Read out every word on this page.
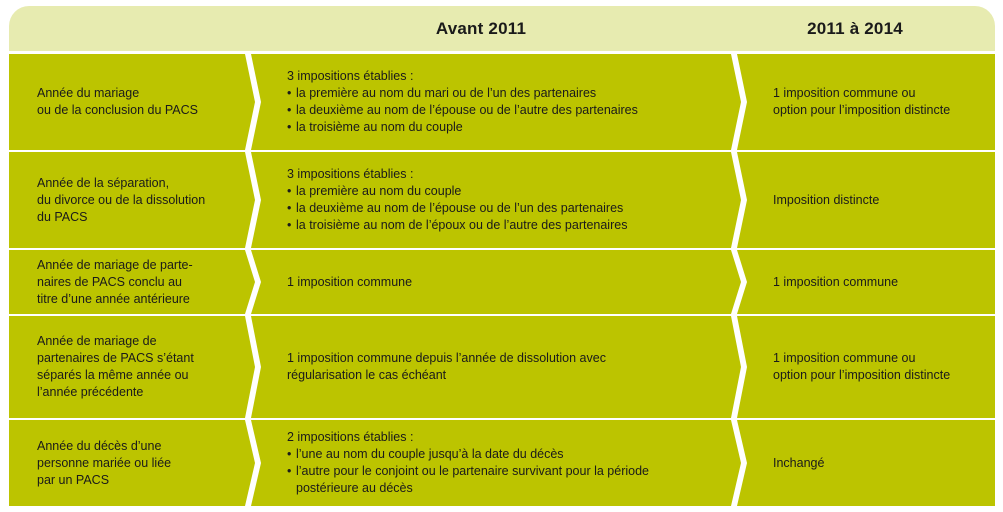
Avant 2011	2011 à 2014
Année du mariage
ou de la conclusion du PACS
3 impositions établies :
• la première au nom du mari ou de l’un des partenaires
• la deuxième au nom de l’épouse ou de l’autre des partenaires
• la troisième au nom du couple
1 imposition commune ou
option pour l’imposition distincte
Année de la séparation,
du divorce ou de la dissolution
du PACS
3 impositions établies :
• la première au nom du couple
• la deuxième au nom de l’épouse ou de l’un des partenaires
• la troisième au nom de l’époux ou de l’autre des partenaires
Imposition distincte
Année de mariage de parte-
naires de PACS conclu au
titre d’une année antérieure
1 imposition commune	1 imposition commune
Année de mariage de
partenaires de PACS s’étant
séparés la même année ou
l’année précédente
1 imposition commune depuis l’année de dissolution avec
régularisation le cas échéant
1 imposition commune ou
option pour l’imposition distincte
Année du décès d’une
personne mariée ou liée
par un PACS
2 impositions établies :
• l’une au nom du couple jusqu’à la date du décès
• l’autre pour le conjoint ou le partenaire survivant pour la période
postérieure au décès
Inchangé
